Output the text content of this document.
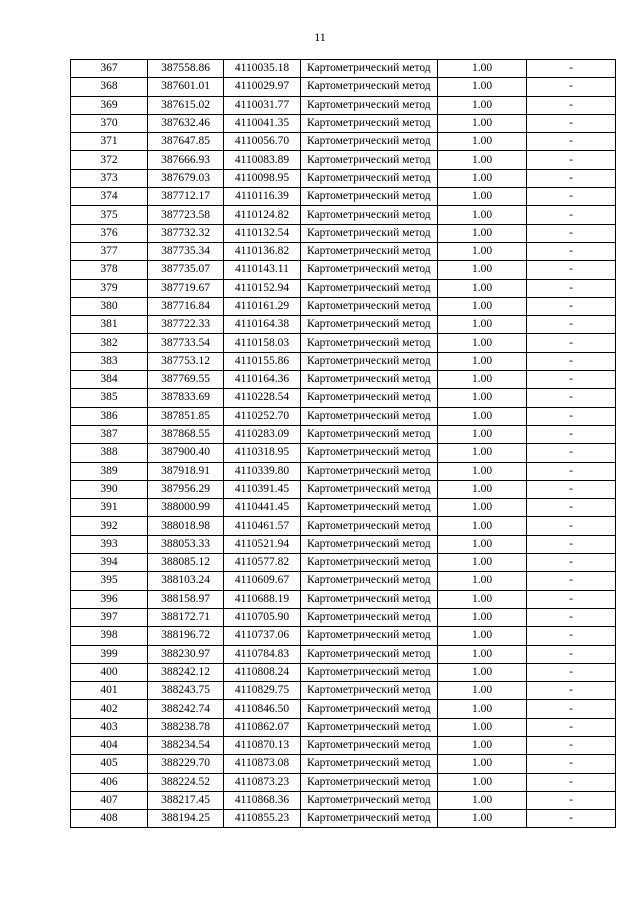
11
367	387558.86	4110035.18	Картометрический метод	1.00	-
368	387601.01	4110029.97	Картометрический метод	1.00	-
369	387615.02	4110031.77	Картометрический метод	1.00	-
370	387632.46	4110041.35	Картометрический метод	1.00	-
371	387647.85	4110056.70	Картометрический метод	1.00	-
372	387666.93	4110083.89	Картометрический метод	1.00	-
373	387679.03	4110098.95	Картометрический метод	1.00	-
374	387712.17	4110116.39	Картометрический метод	1.00	-
375	387723.58	4110124.82	Картометрический метод	1.00	-
376	387732.32	4110132.54	Картометрический метод	1.00	-
377	387735.34	4110136.82	Картометрический метод	1.00	-
378	387735.07	4110143.11	Картометрический метод	1.00	-
379	387719.67	4110152.94	Картометрический метод	1.00	-
380	387716.84	4110161.29	Картометрический метод	1.00	-
381	387722.33	4110164.38	Картометрический метод	1.00	-
382	387733.54	4110158.03	Картометрический метод	1.00	-
383	387753.12	4110155.86	Картометрический метод	1.00	-
384	387769.55	4110164.36	Картометрический метод	1.00	-
385	387833.69	4110228.54	Картометрический метод	1.00	-
386	387851.85	4110252.70	Картометрический метод	1.00	-
387	387868.55	4110283.09	Картометрический метод	1.00	-
388	387900.40	4110318.95	Картометрический метод	1.00	-
389	387918.91	4110339.80	Картометрический метод	1.00	-
390	387956.29	4110391.45	Картометрический метод	1.00	-
391	388000.99	4110441.45	Картометрический метод	1.00	-
392	388018.98	4110461.57	Картометрический метод	1.00	-
393	388053.33	4110521.94	Картометрический метод	1.00	-
394	388085.12	4110577.82	Картометрический метод	1.00	-
395	388103.24	4110609.67	Картометрический метод	1.00	-
396	388158.97	4110688.19	Картометрический метод	1.00	-
397	388172.71	4110705.90	Картометрический метод	1.00	-
398	388196.72	4110737.06	Картометрический метод	1.00	-
399	388230.97	4110784.83	Картометрический метод	1.00	-
400	388242.12	4110808.24	Картометрический метод	1.00	-
401	388243.75	4110829.75	Картометрический метод	1.00	-
402	388242.74	4110846.50	Картометрический метод	1.00	-
403	388238.78	4110862.07	Картометрический метод	1.00	-
404	388234.54	4110870.13	Картометрический метод	1.00	-
405	388229.70	4110873.08	Картометрический метод	1.00	-
406	388224.52	4110873.23	Картометрический метод	1.00	-
407	388217.45	4110868.36	Картометрический метод	1.00	-
408	388194.25	4110855.23	Картометрический метод	1.00	-
